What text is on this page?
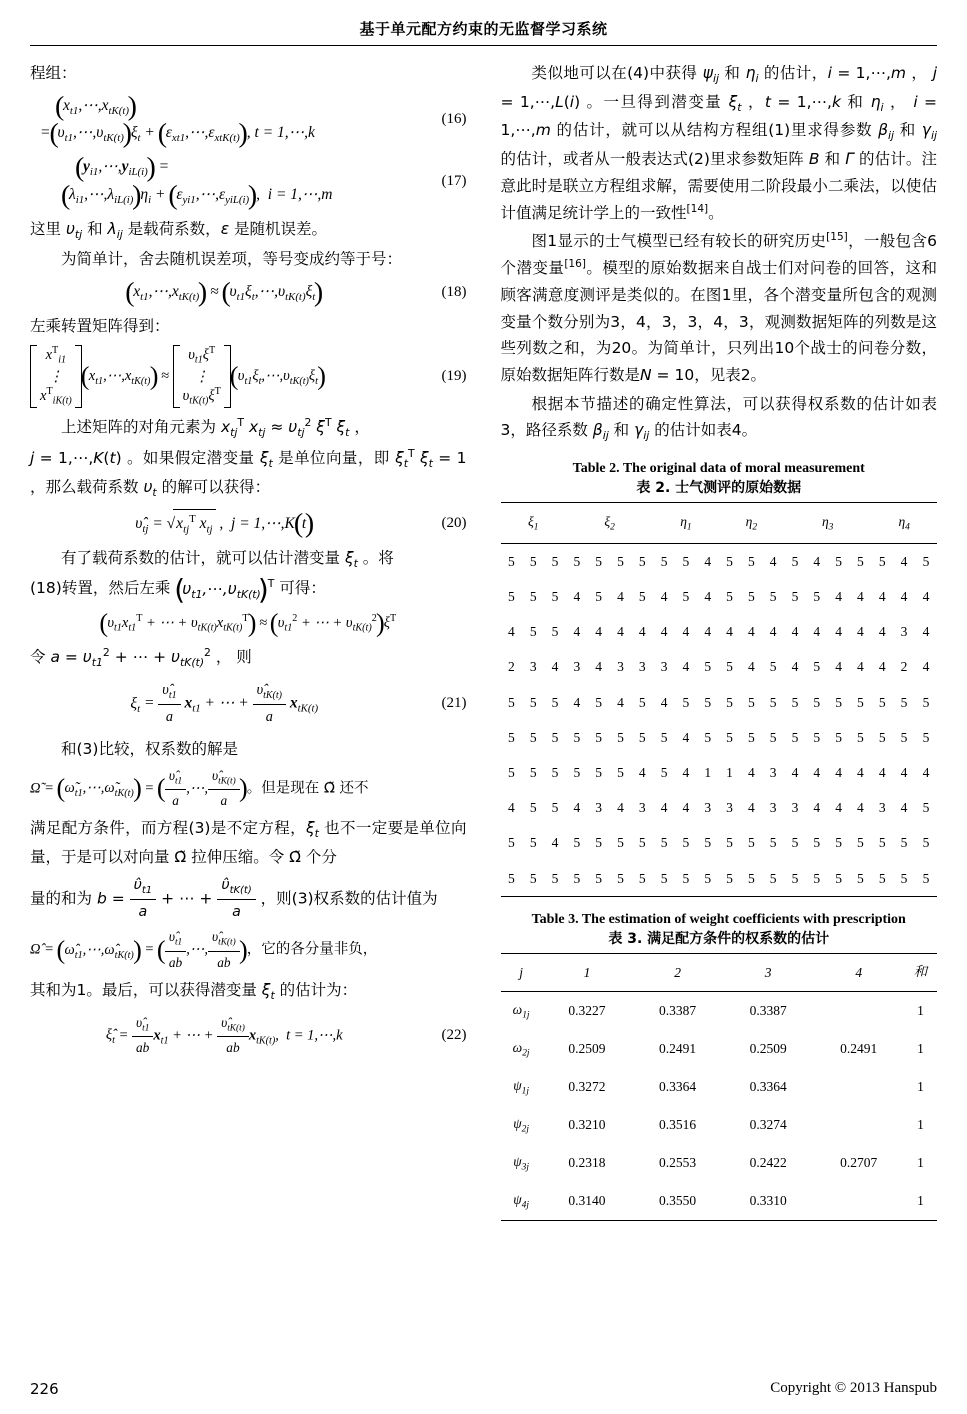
基于单元配方约束的无监督学习系统
程组：
( $x_{t1},\cdots,x_{tK(t)}$ )
= ( $\upsilon_{t1},\cdots,\upsilon_{tK(t)}$ ) $\xi_t$ + ( $\varepsilon_{xt1},\cdots,\varepsilon_{xtK(t)}$ ) , t = 1,⋯,k
(16)
( $y_{i1},\cdots,y_{iL(i)}$ ) =
( $\lambda_{i1},\cdots,\lambda_{iL(i)}$ ) $\eta_i$ + ( $\varepsilon_{yi1},\cdots,\varepsilon_{yiL(i)}$ ) ,  i = 1,⋯,m
(17)
这里 $\upsilon_{tj}$ 和 $\lambda_{ij}$ 是载荷系数，ε 是随机误差。
为简单计，舍去随机误差项，等号变成约等于号：
( $x_{t1},\cdots,x_{tK(t)}$ ) ≈ ( $\upsilon_{t1}\xi_t,\cdots,\upsilon_{tK(t)}\xi_t$ )	(18)
左乘转置矩阵得到：
$x^T_{i1}$
⋮
$x^T_{iK(t)}$
( $x_{t1},\cdots,x_{tK(t)}$ ) ≈
$\upsilon_{t1}\xi^T$
⋮
$\upsilon_{tK(t)}\xi^T$
( $\upsilon_{t1}\xi_t,\cdots,\upsilon_{tK(t)}\xi_t$ )	(19)
上述矩阵的对角元素为 $x_{tj}^T$ $x_{tj} \approx \upsilon_{tj}^2$ $\xi^T$ $\xi_t$ ，
j = 1,⋯,K(t) 。如果假定潜变量 $\xi_t$ 是单位向量，即 $\xi_t^T$ $\xi_t = 1$ ，那么载荷系数 $\upsilon_t$ 的解可以获得：
$\upsilon̂_{tj} = √x_{tj}^T$ $x_{tj}$ ,  j = 1,⋯,K ( t )	(20)
有了载荷系数的估计，就可以估计潜变量 $\xi_t$ 。将
(18)转置，然后左乘 ( $\upsilon_{t1},\cdots,\upsilon_{tK(t)}$ )$^T$ 可得：
( $\upsilon_{t1}x_{t1}^T$ + ⋯ + $\upsilon_{tK(t)}x_{tK(t)}^T$ ) ≈ ( $\upsilon_{t1}^2$ + ⋯ + $\upsilon_{tK(t)}^2$ ) $\xi^T$
令 $a = \upsilon_{t1}^2$ + ⋯ + $\upsilon_{tK(t)}^2$ ， 则
$\xi_t = \frac{\upsilon̂_{t1}}{a} x_{t1}$ + ⋯ + $\frac{\upsilon̂_{tK(t)}}{a} x_{tK(t)}$	(21)
和(3)比较，权系数的解是
Ω̃ = ( $\omegã_{t1},\cdots,\omegã_{tK(t)}$ ) = ( $\frac{\upsilon̂_{t1}}{a}$ ,⋯, $\frac{\upsilon̂_{tK(t)}}{a}$
) 。但是现在 Ω̃ 还不
满足配方条件，而方程(3)是不定方程，$\xi_t$ 也不一定要是单位向量，于是可以对向量 Ω̃ 拉伸压缩。令 Ω̃ 个分
量的和为 $b = \frac{\upsilon̂_{t1}}{a}$ + ⋯ + $\frac{\upsilon̂_{tK(t)}}{a}$ ，则(3)权系数的估计值为
Ω̂ = ( $\omegâ_{t1},\cdots,\omegâ_{tK(t)}$ ) = ( $\frac{\upsilon̂_{t1}}{ab}$ ,⋯, $\frac{\upsilon̂_{tK(t)}}{ab}$
) ，它的各分量非负，
其和为1。最后，可以获得潜变量 $\xi_t$ 的估计为：
$\xî_t = \frac{\upsilon̂_{t1}}{ab} x_{t1}$ + ⋯ + $\frac{\upsilon̂_{tK(t)}}{ab} x_{tK(t)}$,  t = 1,⋯,k	(22)
类似地可以在(4)中获得 $\psi_{ij}$ 和 $\eta_i$ 的估计，i = 1,⋯,m ， j = 1,⋯,L(i) 。一旦得到潜变量 $\xi_t$ ，t = 1,⋯,k 和 $\eta_i$ ， i = 1,⋯,m 的估计，就可以从结构方程组(1)里求得参数 $\beta_{ij}$ 和 $\gamma_{ij}$ 的估计，或者从一般表达式(2)里求参数矩阵 B 和 Γ 的估计。注意此时是联立方程组求解，需要使用二阶段最小二乘法，以使估计值满足统计学上的一致性[14]。
图1显示的士气模型已经有较长的研究历史[15]，一般包含6个潜变量[16]。模型的原始数据来自战士们对问卷的回答，这和顾客满意度测评是类似的。在图1里，各个潜变量所包含的观测变量个数分别为3，4，3，3，4，3，观测数据矩阵的列数是这些列数之和，为20。为简单计，只列出10个战士的问卷分数，原始数据矩阵行数是N = 10，见表2。
根据本节描述的确定性算法，可以获得权系数的估计如表3，路径系数 $\beta_{ij}$ 和 $\gamma_{ij}$ 的估计如表4。
Table 2. The original data of moral measurement
表 2. 士气测评的原始数据
$\xi_1$			$\xi_2$				$\eta_1$			$\eta_2$			$\eta_3$				$\eta_4$
5	5	5	5	5	5	5	5	5	4	5	5	4	5	4	5	5	5	4	5
5	5	5	4	5	4	5	4	5	4	5	5	5	5	5	4	4	4	4	4
4	5	5	4	4	4	4	4	4	4	4	4	4	4	4	4	4	4	3	4
2	3	4	3	4	3	3	3	4	5	5	4	5	4	5	4	4	4	2	4
5	5	5	4	5	4	5	4	5	5	5	5	5	5	5	5	5	5	5	5
5	5	5	5	5	5	5	5	4	5	5	5	5	5	5	5	5	5	5	5
5	5	5	5	5	5	4	5	4	1	1	4	3	4	4	4	4	4	4	4
4	5	5	4	3	4	3	4	4	3	3	4	3	3	4	4	4	3	4	5
5	5	4	5	5	5	5	5	5	5	5	5	5	5	5	5	5	5	5	5
5	5	5	5	5	5	5	5	5	5	5	5	5	5	5	5	5	5	5	5
Table 3. The estimation of weight coefficients with prescription
表 3. 满足配方条件的权系数的估计
j	1	2	3	4	和
$\omega_{1j}$	0.3227	0.3387	0.3387		1
$\omega_{2j}$	0.2509	0.2491	0.2509	0.2491	1
$\psi_{1j}$	0.3272	0.3364	0.3364		1
$\psi_{2j}$	0.3210	0.3516	0.3274		1
$\psi_{3j}$	0.2318	0.2553	0.2422	0.2707	1
$\psi_{4j}$	0.3140	0.3550	0.3310		1
226	Copyright © 2013 Hanspub
